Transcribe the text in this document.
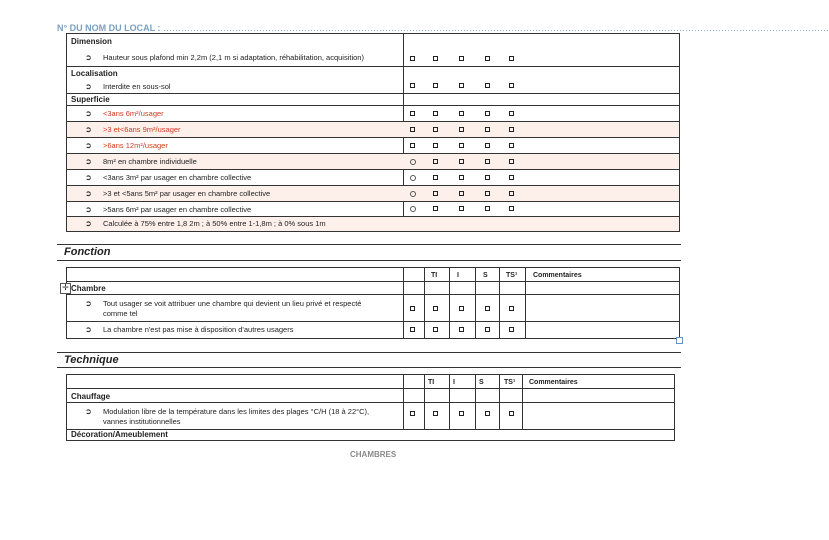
N° DU NOM DU LOCAL : ……………………………………………………………………………………………………………………………………………………………………………………………………
Dimension
➲ Hauteur sous plafond min 2,2m (2,1 m si adaptation, réhabilitation, acquisition)
Localisation
➲ Interdite en sous-sol
Superficie
➲ <3ans 6m²/usager
➲ >3 et<6ans 9m²/usager
➲ >6ans 12m²/usager
➲ 8m² en chambre individuelle
➲ <3ans 3m² par usager en chambre collective
➲ >3 et <5ans 5m² par usager en chambre collective
➲ >5ans 6m² par usager en chambre collective
➲ Calculée à 75% entre 1,8 2m ; à 50% entre 1-1,8m ; à 0% sous 1m
Fonction
TI	I	S	TS¹ Commentaires
Chambre
➲ Tout usager se voit attribuer une chambre qui devient un lieu privé et respecté
comme tel
➲ La chambre n'est pas mise à disposition d'autres usagers
✛
Technique
TI	I	S	TS¹ Commentaires
Chauffage
➲ Modulation libre de la température dans les limites des plages °C/H (18 à 22°C),
vannes institutionnelles
Décoration/Ameublement
CHAMBRES
